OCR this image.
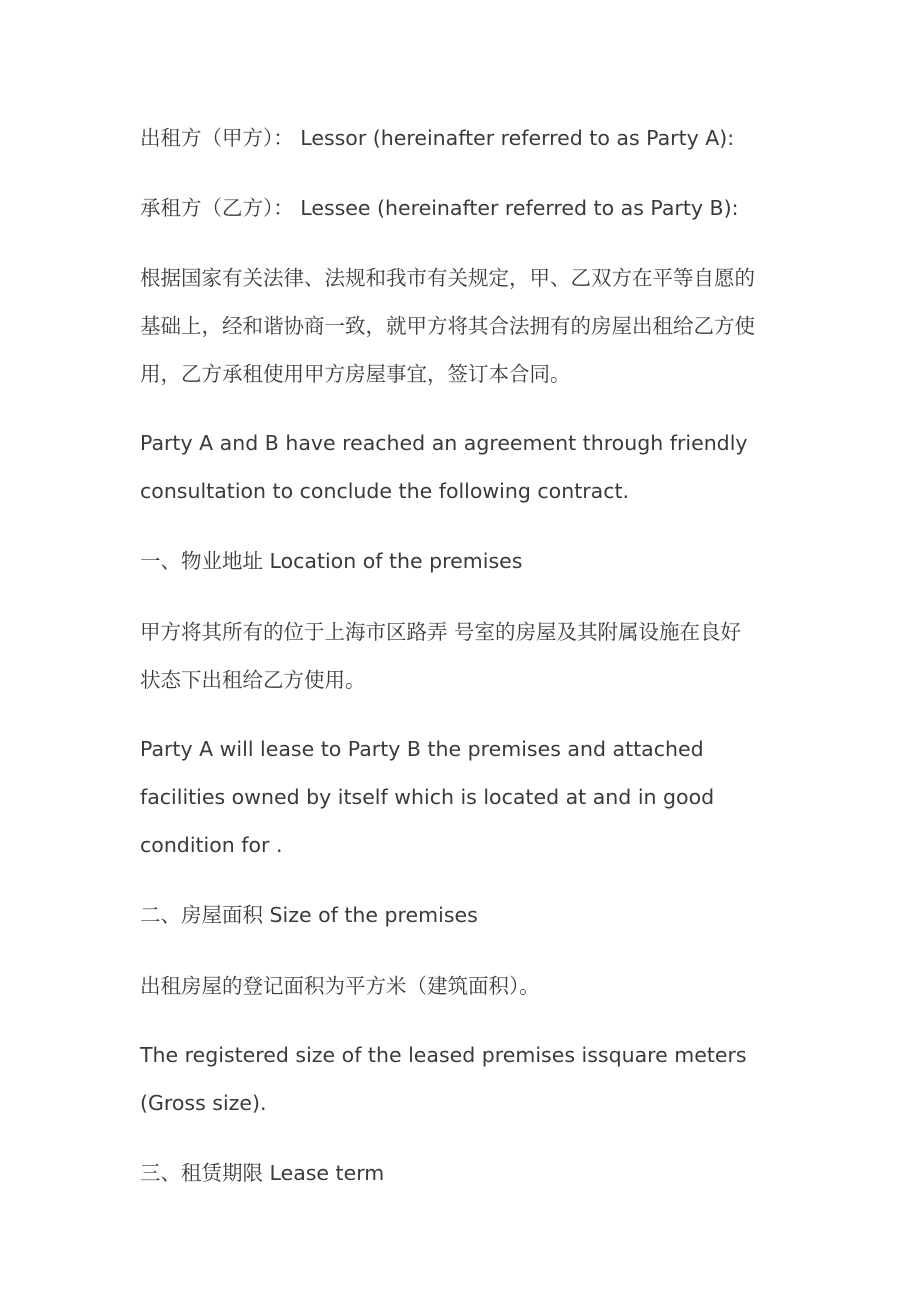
出租方（甲方）： Lessor (hereinafter referred to as Party A):
承租方（乙方）： Lessee (hereinafter referred to as Party B):
根据国家有关法律、法规和我市有关规定，甲、乙双方在平等自愿的
基础上，经和谐协商一致，就甲方将其合法拥有的房屋出租给乙方使
用，乙方承租使用甲方房屋事宜，签订本合同。
Party A and B have reached an agreement through friendly
consultation to conclude the following contract.
一、物业地址 Location of the premises
甲方将其所有的位于上海市区路弄 号室的房屋及其附属设施在良好
状态下出租给乙方使用。
Party A will lease to Party B the premises and attached
facilities owned by itself which is located at and in good
condition for .
二、房屋面积 Size of the premises
出租房屋的登记面积为平方米（建筑面积）。
The registered size of the leased premises issquare meters
(Gross size).
三、租赁期限 Lease term
